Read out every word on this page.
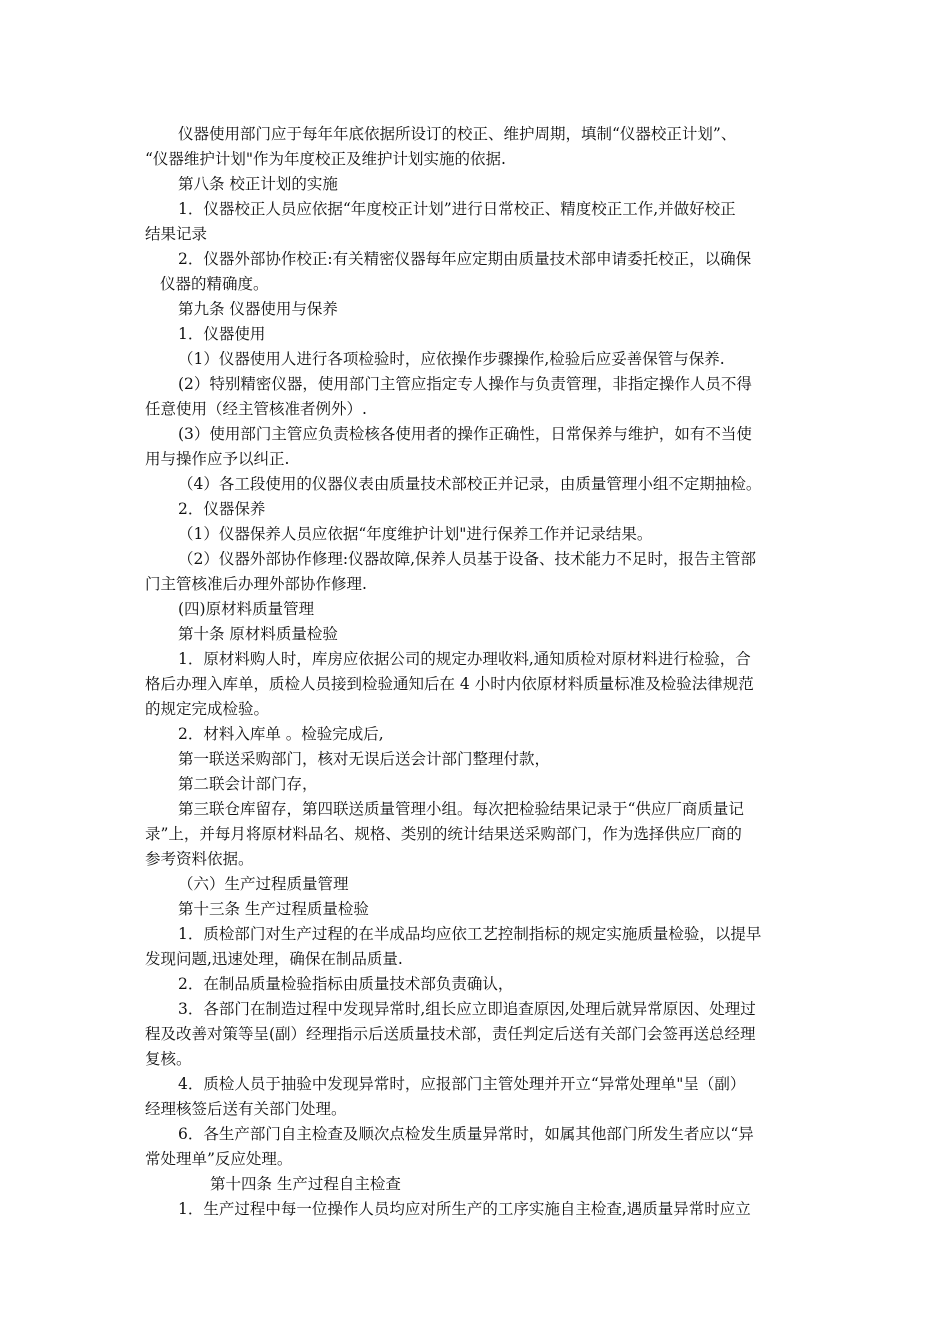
仪器使用部门应于每年年底依据所设订的校正、维护周期，填制“仪器校正计划”、
“仪器维护计划"作为年度校正及维护计划实施的依据.
第八条 校正计划的实施
1．仪器校正人员应依据“年度校正计划”进行日常校正、精度校正工作,并做好校正
结果记录
2．仪器外部协作校正:有关精密仪器每年应定期由质量技术部申请委托校正，以确保
仪器的精确度。
第九条 仪器使用与保养
1．仪器使用
（1）仪器使用人进行各项检验时，应依操作步骤操作,检验后应妥善保管与保养.
(2）特别精密仪器，使用部门主管应指定专人操作与负责管理，非指定操作人员不得
任意使用（经主管核准者例外）.
(3）使用部门主管应负责检核各使用者的操作正确性，日常保养与维护，如有不当使
用与操作应予以纠正.
（4）各工段使用的仪器仪表由质量技术部校正并记录，由质量管理小组不定期抽检。
2．仪器保养
（1）仪器保养人员应依据“年度维护计划"进行保养工作并记录结果。
（2）仪器外部协作修理:仪器故障,保养人员基于设备、技术能力不足时，报告主管部
门主管核准后办理外部协作修理.
(四)原材料质量管理
第十条 原材料质量检验
1．原材料购人时，库房应依据公司的规定办理收料,通知质检对原材料进行检验，合
格后办理入库单，质检人员接到检验通知后在 4 小时内依原材料质量标准及检验法律规范
的规定完成检验。
2．材料入库单 。检验完成后,
第一联送采购部门，核对无误后送会计部门整理付款，
第二联会计部门存，
第三联仓库留存，第四联送质量管理小组。每次把检验结果记录于“供应厂商质量记
录”上，并每月将原材料品名、规格、类别的统计结果送采购部门，作为选择供应厂商的
参考资料依据。
（六）生产过程质量管理
第十三条 生产过程质量检验
1．质检部门对生产过程的在半成品均应依工艺控制指标的规定实施质量检验，以提早
发现问题,迅速处理，确保在制品质量.
2．在制品质量检验指标由质量技术部负责确认，
3．各部门在制造过程中发现异常时,组长应立即追查原因,处理后就异常原因、处理过
程及改善对策等呈(副）经理指示后送质量技术部，责任判定后送有关部门会签再送总经理
复核。
4．质检人员于抽验中发现异常时，应报部门主管处理并开立“异常处理单"呈（副）
经理核签后送有关部门处理。
6．各生产部门自主检查及顺次点检发生质量异常时，如属其他部门所发生者应以“异
常处理单”反应处理。
第十四条 生产过程自主检查
1．生产过程中每一位操作人员均应对所生产的工序实施自主检查,遇质量异常时应立
